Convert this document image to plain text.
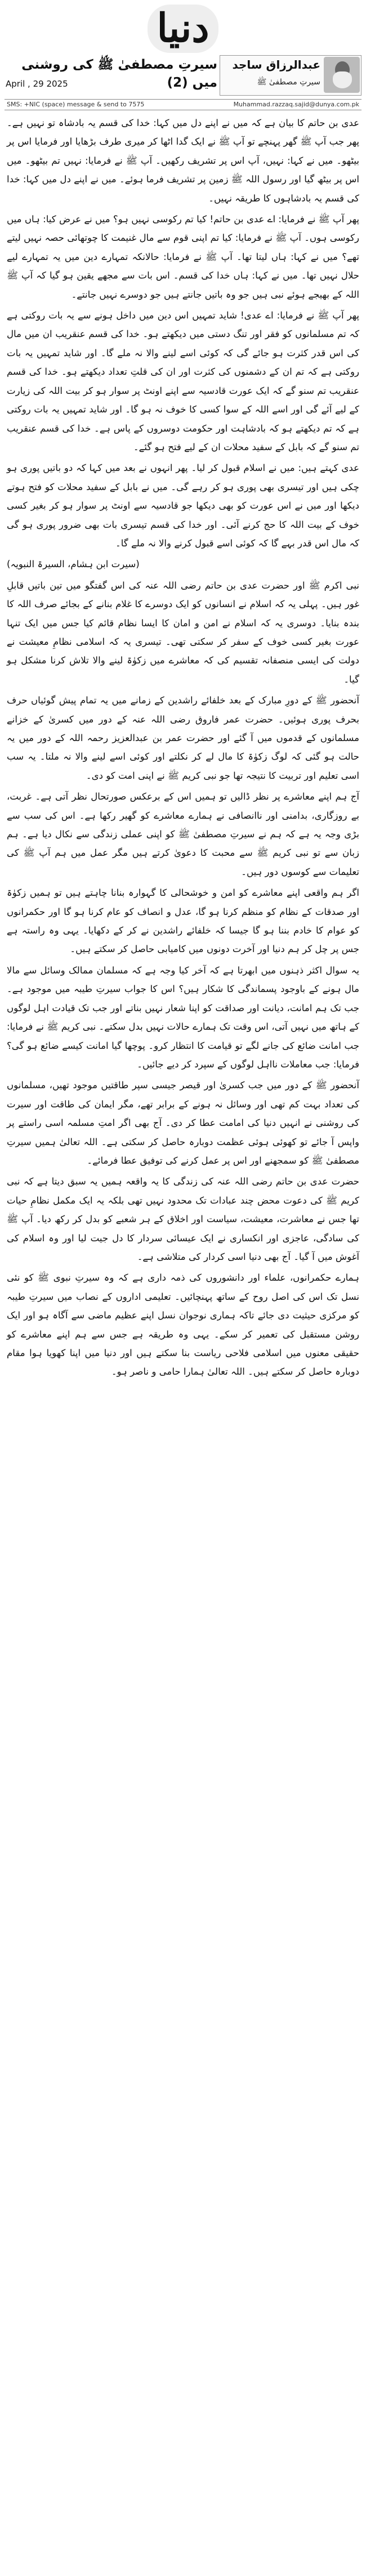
دنیا
عبدالرزاق ساجد
سیرتِ مصطفیٰ ﷺ
سیرتِ مصطفیٰ ﷺ کی روشنی میں (2)
April , 29 2025
SMS: +NIC (space) message & send to 7575	Muhammad.razzaq.sajid@dunya.com.pk

عدی بن حاتم کا بیان ہے کہ میں نے اپنے دل میں کہا: خدا کی قسم یہ بادشاہ تو نہیں ہے۔ پھر جب آپ ﷺ گھر پہنچے تو آپ ﷺ نے ایک گدا اٹھا کر میری طرف بڑھایا اور فرمایا اس پر بیٹھو۔ میں نے کہا: نہیں، آپ اس پر تشریف رکھیں۔ آپ ﷺ نے فرمایا: نہیں تم بیٹھو۔ میں اس پر بیٹھ گیا اور رسول اللہ ﷺ زمین پر تشریف فرما ہوئے۔ میں نے اپنے دل میں کہا: خدا کی قسم یہ بادشاہوں کا طریقہ نہیں۔

پھر آپ ﷺ نے فرمایا: اے عدی بن حاتم! کیا تم رکوسی نہیں ہو؟ میں نے عرض کیا: ہاں میں رکوسی ہوں۔ آپ ﷺ نے فرمایا: کیا تم اپنی قوم سے مال غنیمت کا چوتھائی حصہ نہیں لیتے تھے؟ میں نے کہا: ہاں لیتا تھا۔ آپ ﷺ نے فرمایا: حالانکہ تمہارے دین میں یہ تمہارے لیے حلال نہیں تھا۔ میں نے کہا: ہاں خدا کی قسم۔ اس بات سے مجھے یقین ہو گیا کہ آپ ﷺ اللہ کے بھیجے ہوئے نبی ہیں جو وہ باتیں جانتے ہیں جو دوسرے نہیں جانتے۔

پھر آپ ﷺ نے فرمایا: اے عدی! شاید تمہیں اس دین میں داخل ہونے سے یہ بات روکتی ہے کہ تم مسلمانوں کو فقر اور تنگ دستی میں دیکھتے ہو۔ خدا کی قسم عنقریب ان میں مال کی اس قدر کثرت ہو جائے گی کہ کوئی اسے لینے والا نہ ملے گا۔ اور شاید تمہیں یہ بات روکتی ہے کہ تم ان کے دشمنوں کی کثرت اور ان کی قلتِ تعداد دیکھتے ہو۔ خدا کی قسم عنقریب تم سنو گے کہ ایک عورت قادسیہ سے اپنے اونٹ پر سوار ہو کر بیت اللہ کی زیارت کے لیے آئے گی اور اسے اللہ کے سوا کسی کا خوف نہ ہو گا۔ اور شاید تمہیں یہ بات روکتی ہے کہ تم دیکھتے ہو کہ بادشاہت اور حکومت دوسروں کے پاس ہے۔ خدا کی قسم عنقریب تم سنو گے کہ بابل کے سفید محلات ان کے لیے فتح ہو گئے۔

عدی کہتے ہیں: میں نے اسلام قبول کر لیا۔ پھر انہوں نے بعد میں کہا کہ دو باتیں پوری ہو چکی ہیں اور تیسری بھی پوری ہو کر رہے گی۔ میں نے بابل کے سفید محلات کو فتح ہوتے دیکھا اور میں نے اس عورت کو بھی دیکھا جو قادسیہ سے اونٹ پر سوار ہو کر بغیر کسی خوف کے بیت اللہ کا حج کرنے آئی۔ اور خدا کی قسم تیسری بات بھی ضرور پوری ہو گی کہ مال اس قدر بہے گا کہ کوئی اسے قبول کرنے والا نہ ملے گا۔

(سیرت ابن ہشام، السیرۃ النبویہ)

نبی اکرم ﷺ اور حضرت عدی بن حاتم رضی اللہ عنہ کی اس گفتگو میں تین باتیں قابلِ غور ہیں۔ پہلی یہ کہ اسلام نے انسانوں کو ایک دوسرے کا غلام بنانے کے بجائے صرف اللہ کا بندہ بنایا۔ دوسری یہ کہ اسلام نے امن و امان کا ایسا نظام قائم کیا جس میں ایک تنہا عورت بغیر کسی خوف کے سفر کر سکتی تھی۔ تیسری یہ کہ اسلامی نظامِ معیشت نے دولت کی ایسی منصفانہ تقسیم کی کہ معاشرے میں زکوٰۃ لینے والا تلاش کرنا مشکل ہو گیا۔

آنحضور ﷺ کے دورِ مبارک کے بعد خلفائے راشدین کے زمانے میں یہ تمام پیش گوئیاں حرف بحرف پوری ہوئیں۔ حضرت عمر فاروق رضی اللہ عنہ کے دور میں کسریٰ کے خزانے مسلمانوں کے قدموں میں آ گئے اور حضرت عمر بن عبدالعزیز رحمہ اللہ کے دور میں یہ حالت ہو گئی کہ لوگ زکوٰۃ کا مال لے کر نکلتے اور کوئی اسے لینے والا نہ ملتا۔ یہ سب اسی تعلیم اور تربیت کا نتیجہ تھا جو نبی کریم ﷺ نے اپنی امت کو دی۔

آج ہم اپنے معاشرے پر نظر ڈالیں تو ہمیں اس کے برعکس صورتحال نظر آتی ہے۔ غربت، بے روزگاری، بدامنی اور ناانصافی نے ہمارے معاشرے کو گھیر رکھا ہے۔ اس کی سب سے بڑی وجہ یہ ہے کہ ہم نے سیرتِ مصطفیٰ ﷺ کو اپنی عملی زندگی سے نکال دیا ہے۔ ہم زبان سے تو نبی کریم ﷺ سے محبت کا دعویٰ کرتے ہیں مگر عمل میں ہم آپ ﷺ کی تعلیمات سے کوسوں دور ہیں۔

اگر ہم واقعی اپنے معاشرے کو امن و خوشحالی کا گہوارہ بنانا چاہتے ہیں تو ہمیں زکوٰۃ اور صدقات کے نظام کو منظم کرنا ہو گا، عدل و انصاف کو عام کرنا ہو گا اور حکمرانوں کو عوام کا خادم بننا ہو گا جیسا کہ خلفائے راشدین نے کر کے دکھایا۔ یہی وہ راستہ ہے جس پر چل کر ہم دنیا اور آخرت دونوں میں کامیابی حاصل کر سکتے ہیں۔

یہ سوال اکثر ذہنوں میں ابھرتا ہے کہ آخر کیا وجہ ہے کہ مسلمان ممالک وسائل سے مالا مال ہونے کے باوجود پسماندگی کا شکار ہیں؟ اس کا جواب سیرتِ طیبہ میں موجود ہے۔ جب تک ہم امانت، دیانت اور صداقت کو اپنا شعار نہیں بناتے اور جب تک قیادت اہل لوگوں کے ہاتھ میں نہیں آتی، اس وقت تک ہمارے حالات نہیں بدل سکتے۔ نبی کریم ﷺ نے فرمایا: جب امانت ضائع کی جانے لگے تو قیامت کا انتظار کرو۔ پوچھا گیا امانت کیسے ضائع ہو گی؟ فرمایا: جب معاملات نااہل لوگوں کے سپرد کر دیے جائیں۔

آنحضور ﷺ کے دور میں جب کسریٰ اور قیصر جیسی سپر طاقتیں موجود تھیں، مسلمانوں کی تعداد بہت کم تھی اور وسائل نہ ہونے کے برابر تھے، مگر ایمان کی طاقت اور سیرت کی روشنی نے انہیں دنیا کی امامت عطا کر دی۔ آج بھی اگر امتِ مسلمہ اسی راستے پر واپس آ جائے تو کھوئی ہوئی عظمت دوبارہ حاصل کر سکتی ہے۔ اللہ تعالیٰ ہمیں سیرتِ مصطفیٰ ﷺ کو سمجھنے اور اس پر عمل کرنے کی توفیق عطا فرمائے۔

حضرت عدی بن حاتم رضی اللہ عنہ کی زندگی کا یہ واقعہ ہمیں یہ سبق دیتا ہے کہ نبی کریم ﷺ کی دعوت محض چند عبادات تک محدود نہیں تھی بلکہ یہ ایک مکمل نظامِ حیات تھا جس نے معاشرت، معیشت، سیاست اور اخلاق کے ہر شعبے کو بدل کر رکھ دیا۔ آپ ﷺ کی سادگی، عاجزی اور انکساری نے ایک عیسائی سردار کا دل جیت لیا اور وہ اسلام کی آغوش میں آ گیا۔ آج بھی دنیا اسی کردار کی متلاشی ہے۔

ہمارے حکمرانوں، علماء اور دانشوروں کی ذمہ داری ہے کہ وہ سیرتِ نبوی ﷺ کو نئی نسل تک اس کی اصل روح کے ساتھ پہنچائیں۔ تعلیمی اداروں کے نصاب میں سیرتِ طیبہ کو مرکزی حیثیت دی جائے تاکہ ہماری نوجوان نسل اپنے عظیم ماضی سے آگاہ ہو اور ایک روشن مستقبل کی تعمیر کر سکے۔ یہی وہ طریقہ ہے جس سے ہم اپنے معاشرے کو حقیقی معنوں میں اسلامی فلاحی ریاست بنا سکتے ہیں اور دنیا میں اپنا کھویا ہوا مقام دوبارہ حاصل کر سکتے ہیں۔ اللہ تعالیٰ ہمارا حامی و ناصر ہو۔
